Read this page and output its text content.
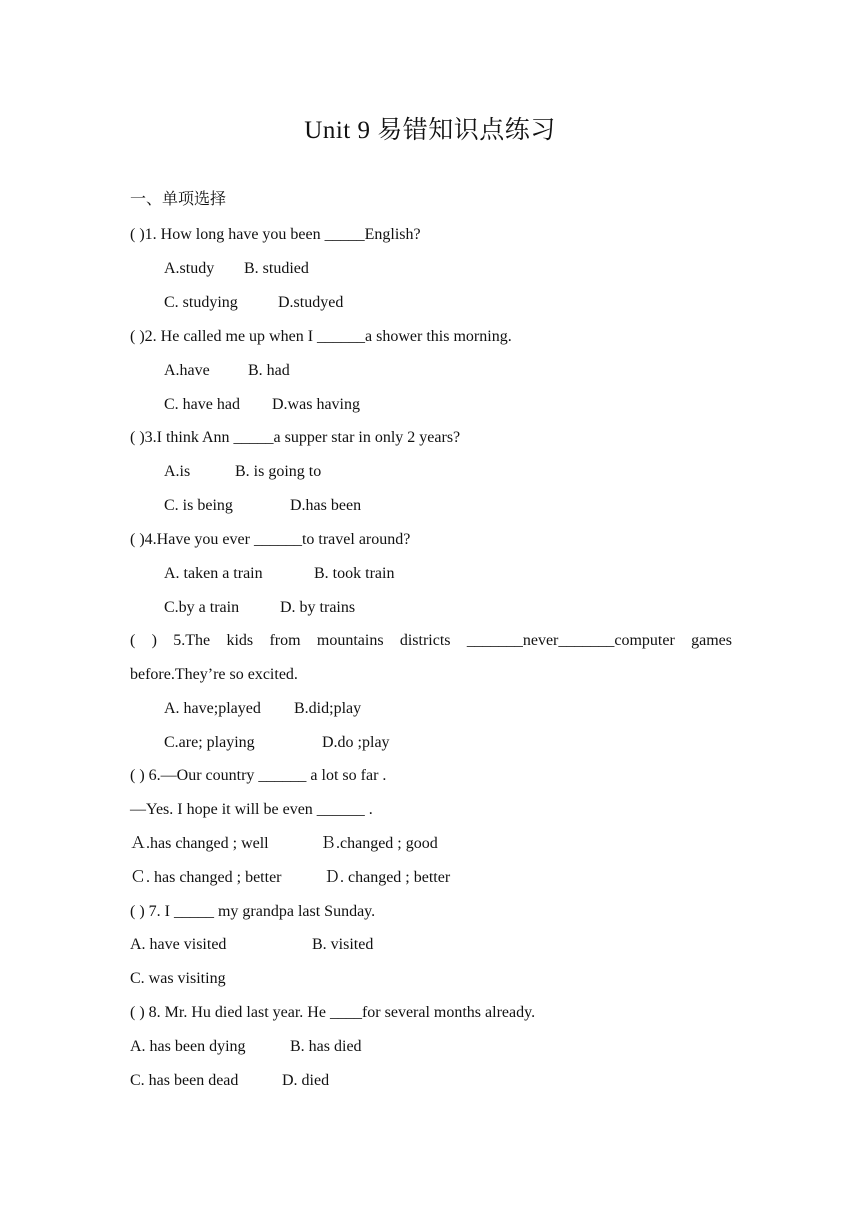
Unit 9 易错知识点练习
一、单项选择
( )1. How long have you been _____English?
A.study B. studied
C. studying	D.studyed
( )2. He called me up when I ______a shower this morning.
A.have B. had
C. have had D.was having
( )3.I think Ann _____a supper star in only 2 years?
A.is	B. is going to
C. is being	D.has been
( )4.Have you ever ______to travel around?
A. taken a train	B. took train
C.by a train	D. by trains
( ) 5.The kids from mountains districts _______never_______computer games
before.They’re so excited.
A. have;played B.did;play
C.are; playing	D.do ;play
( ) 6.—Our country ______ a lot so far .
—Yes. I hope it will be even ______ .
Ａ.has changed ; well	Ｂ.changed ; good
Ｃ. has changed ; better	Ｄ. changed ; better
( ) 7. I _____ my grandpa last Sunday.
A. have visited	B. visited
C. was visiting
( ) 8. Mr. Hu died last year. He ____for several months already.
A. has been dying	B. has died
C. has been dead	D. died
